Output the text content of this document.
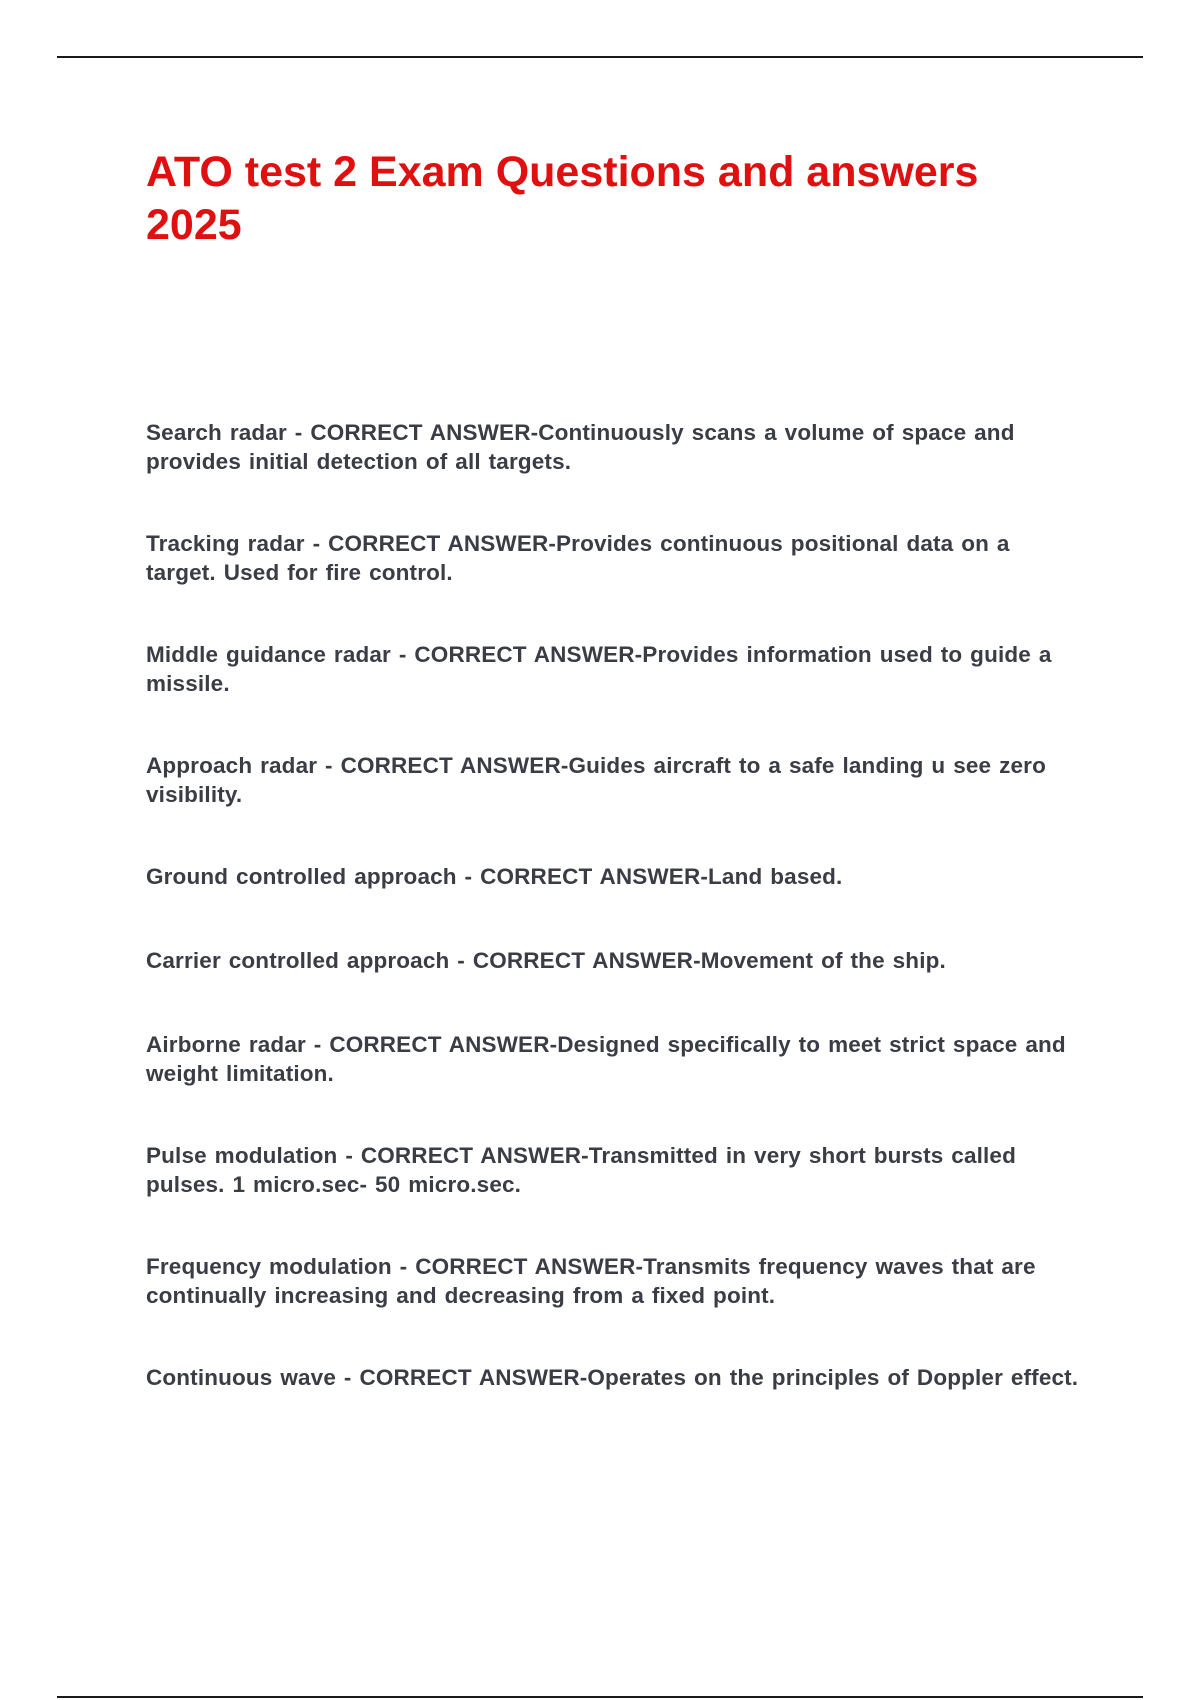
ATO test 2 Exam Questions and answers 2025
Search radar - CORRECT ANSWER-Continuously scans a volume of space and provides initial detection of all targets.
Tracking radar - CORRECT ANSWER-Provides continuous positional data on a target. Used for fire control.
Middle guidance radar - CORRECT ANSWER-Provides information used to guide a missile.
Approach radar - CORRECT ANSWER-Guides aircraft to a safe landing u see zero visibility.
Ground controlled approach - CORRECT ANSWER-Land based.
Carrier controlled approach - CORRECT ANSWER-Movement of the ship.
Airborne radar - CORRECT ANSWER-Designed specifically to meet strict space and weight limitation.
Pulse modulation - CORRECT ANSWER-Transmitted in very short bursts called pulses. 1 micro.sec- 50 micro.sec.
Frequency modulation - CORRECT ANSWER-Transmits frequency waves that are continually increasing and decreasing from a fixed point.
Continuous wave - CORRECT ANSWER-Operates on the principles of Doppler effect.
